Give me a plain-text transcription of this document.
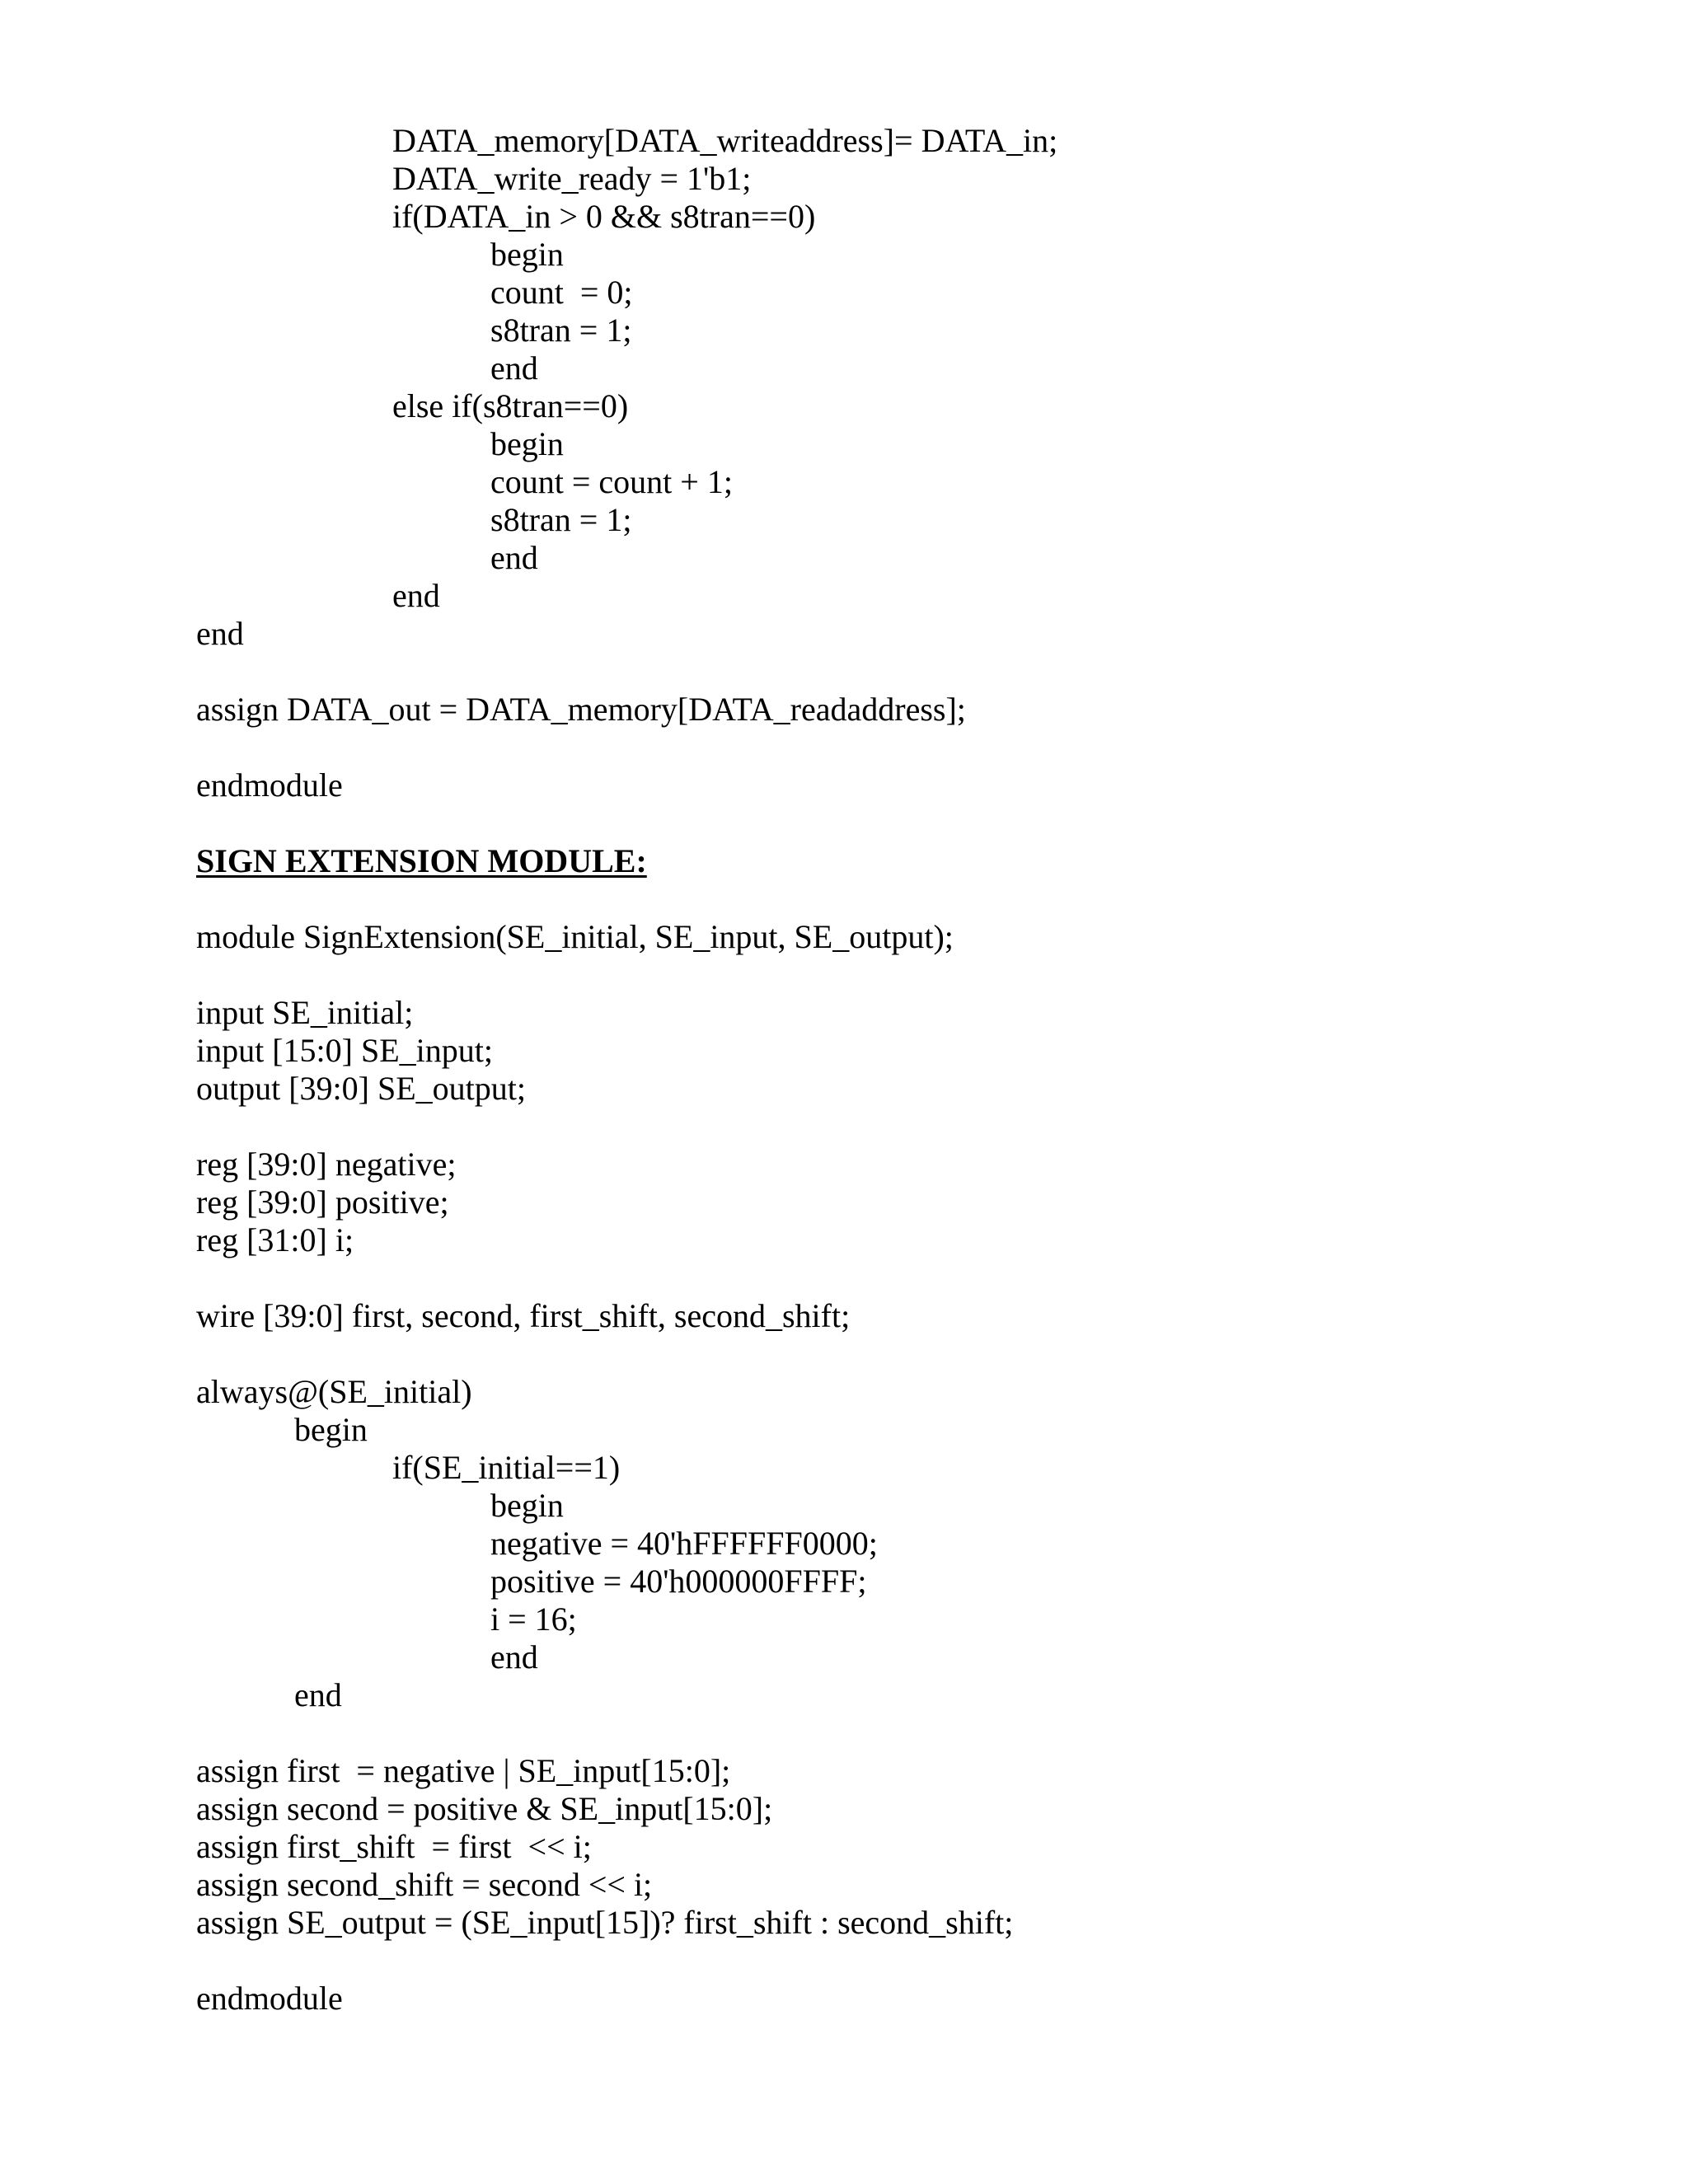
DATA_memory[DATA_writeaddress]= DATA_in;
DATA_write_ready = 1'b1;
if(DATA_in > 0 && s8tran==0)
begin
count  = 0;
s8tran = 1;
end
else if(s8tran==0)
begin
count = count + 1;
s8tran = 1;
end
end
end
assign DATA_out = DATA_memory[DATA_readaddress];
endmodule
SIGN EXTENSION MODULE:
module SignExtension(SE_initial, SE_input, SE_output);
input SE_initial;
input [15:0] SE_input;
output [39:0] SE_output;
reg [39:0] negative;
reg [39:0] positive;
reg [31:0] i;
wire [39:0] first, second, first_shift, second_shift;
always@(SE_initial)
begin
if(SE_initial==1)
begin
negative = 40'hFFFFFF0000;
positive = 40'h000000FFFF;
i = 16;
end
end
assign first  = negative | SE_input[15:0];
assign second = positive & SE_input[15:0];
assign first_shift  = first  << i;
assign second_shift = second << i;
assign SE_output = (SE_input[15])? first_shift : second_shift;
endmodule
